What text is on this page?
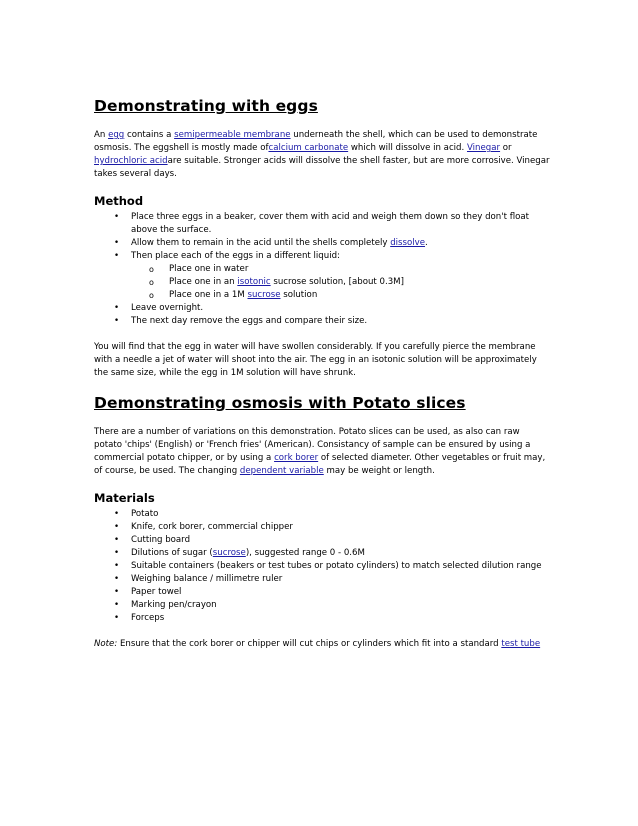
Demonstrating with eggs

An egg contains a semipermeable membrane underneath the shell, which can be used to demonstrate osmosis. The eggshell is mostly made ofcalcium carbonate which will dissolve in acid. Vinegar or hydrochloric acidare suitable. Stronger acids will dissolve the shell faster, but are more corrosive. Vinegar takes several days.

Method
• Place three eggs in a beaker, cover them with acid and weigh them down so they don't float above the surface.
• Allow them to remain in the acid until the shells completely dissolve.
• Then place each of the eggs in a different liquid:
o Place one in water
o Place one in an isotonic sucrose solution, [about 0.3M]
o Place one in a 1M sucrose solution
• Leave overnight.
• The next day remove the eggs and compare their size.

You will find that the egg in water will have swollen considerably. If you carefully pierce the membrane with a needle a jet of water will shoot into the air. The egg in an isotonic solution will be approximately the same size, while the egg in 1M solution will have shrunk.

Demonstrating osmosis with Potato slices

There are a number of variations on this demonstration. Potato slices can be used, as also can raw potato 'chips' (English) or 'French fries' (American). Consistancy of sample can be ensured by using a commercial potato chipper, or by using a cork borer of selected diameter. Other vegetables or fruit may, of course, be used. The changing dependent variable may be weight or length.

Materials
• Potato
• Knife, cork borer, commercial chipper
• Cutting board
• Dilutions of sugar (sucrose), suggested range 0 - 0.6M
• Suitable containers (beakers or test tubes or potato cylinders) to match selected dilution range
• Weighing balance / millimetre ruler
• Paper towel
• Marking pen/crayon
• Forceps

Note: Ensure that the cork borer or chipper will cut chips or cylinders which fit into a standard test tube
